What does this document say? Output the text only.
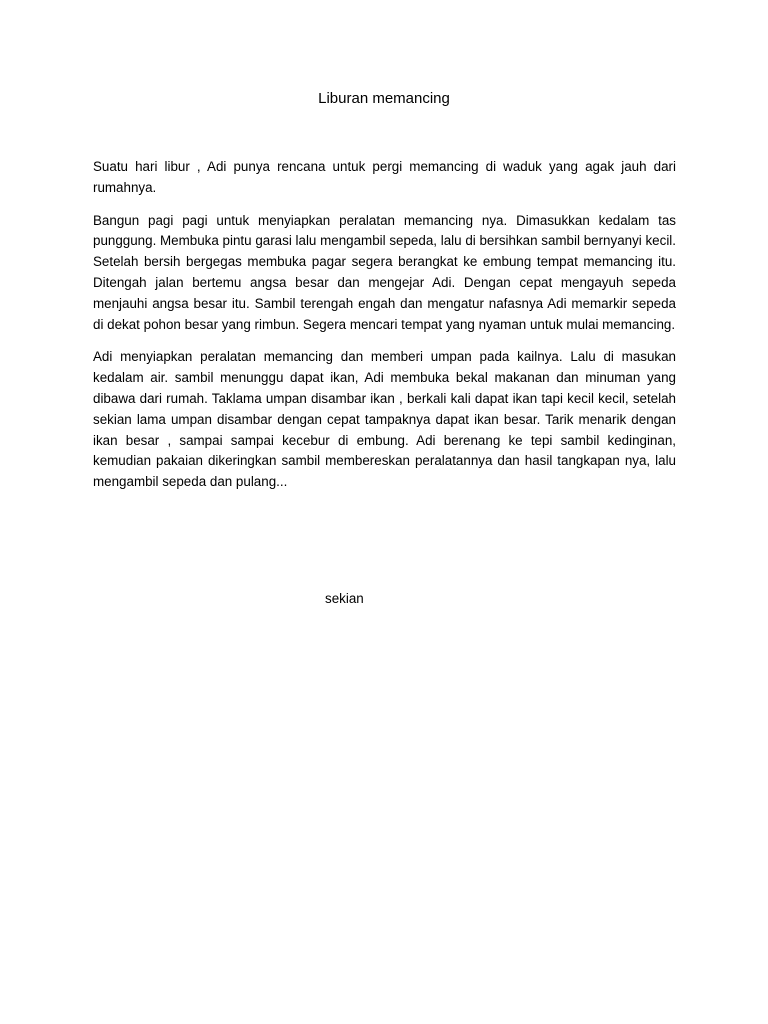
Liburan memancing

Suatu hari libur , Adi punya rencana untuk pergi memancing di waduk yang agak jauh dari rumahnya.

Bangun pagi pagi untuk menyiapkan peralatan memancing nya. Dimasukkan kedalam tas punggung. Membuka pintu garasi lalu mengambil sepeda, lalu di bersihkan sambil bernyanyi kecil. Setelah bersih bergegas membuka pagar segera berangkat ke embung tempat memancing itu. Ditengah jalan bertemu angsa besar dan mengejar Adi. Dengan cepat mengayuh sepeda menjauhi angsa besar itu. Sambil terengah engah dan mengatur nafasnya Adi memarkir sepeda di dekat pohon besar yang rimbun. Segera mencari tempat yang nyaman untuk mulai memancing.

Adi menyiapkan peralatan memancing dan memberi umpan pada kailnya. Lalu di masukan kedalam air. sambil menunggu dapat ikan, Adi membuka bekal makanan dan minuman yang dibawa dari rumah. Taklama umpan disambar ikan , berkali kali dapat ikan tapi kecil kecil, setelah sekian lama umpan disambar dengan cepat tampaknya dapat ikan besar. Tarik menarik dengan ikan besar , sampai sampai kecebur di embung. Adi berenang ke tepi sambil kedinginan, kemudian pakaian dikeringkan sambil membereskan peralatannya dan hasil tangkapan nya, lalu mengambil sepeda dan pulang...

sekian
